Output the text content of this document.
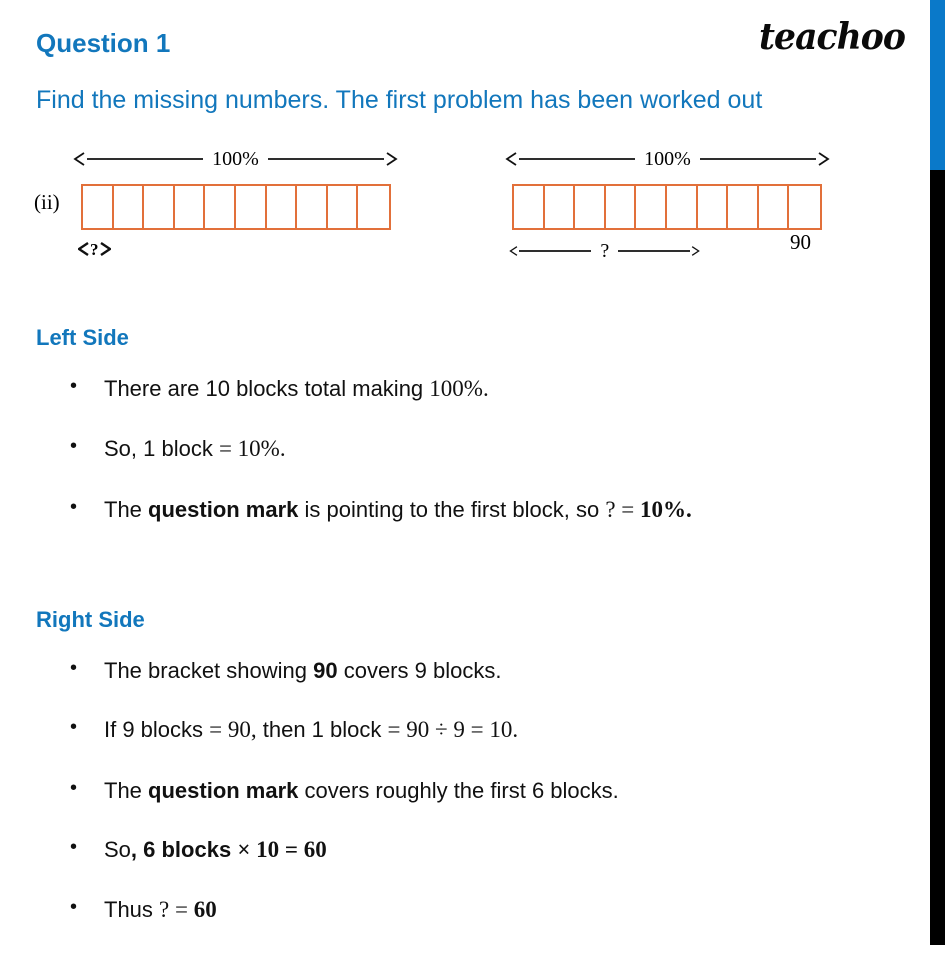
Question 1	teachoo
Find the missing numbers. The first problem has been worked out
(ii)
100%
?
100%
?	90
Left Side
• There are 10 blocks total making 100%.
• So, 1 block = 10%.
• The question mark is pointing to the first block, so ? = 10%.
Right Side
• The bracket showing 90 covers 9 blocks.
• If 9 blocks = 90, then 1 block = 90 ÷ 9 = 10.
• The question mark covers roughly the first 6 blocks.
• So, 6 blocks × 10 = 60
• Thus ? = 60
